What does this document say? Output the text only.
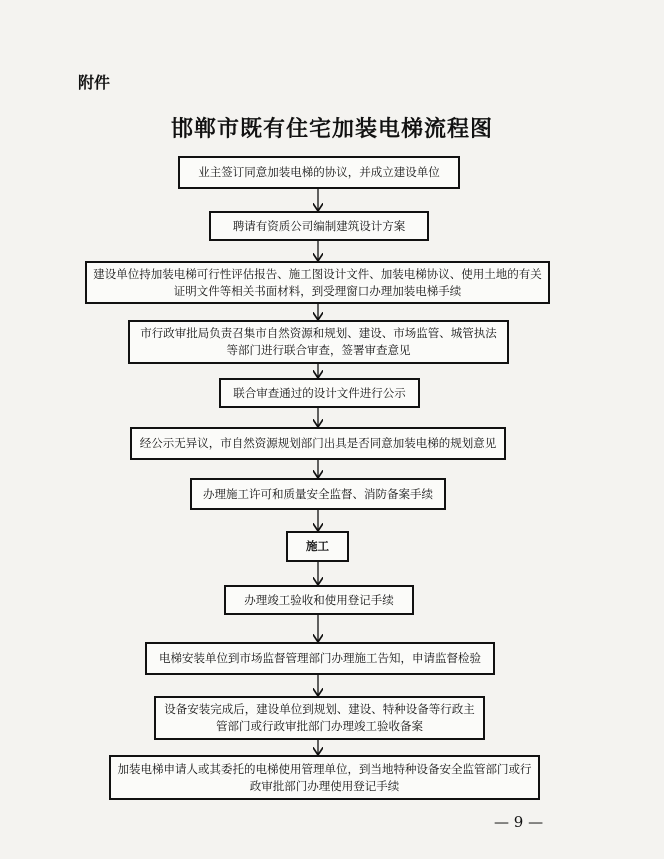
附件
邯郸市既有住宅加装电梯流程图
业主签订同意加装电梯的协议，并成立建设单位
聘请有资质公司编制建筑设计方案
建设单位持加装电梯可行性评估报告、施工图设计文件、加装电梯协议、使用土地的有关证明文件等相关书面材料，到受理窗口办理加装电梯手续
市行政审批局负责召集市自然资源和规划、建设、市场监管、城管执法等部门进行联合审查，签署审查意见
联合审查通过的设计文件进行公示
经公示无异议，市自然资源规划部门出具是否同意加装电梯的规划意见
办理施工许可和质量安全监督、消防备案手续
施工
办理竣工验收和使用登记手续
电梯安装单位到市场监督管理部门办理施工告知，申请监督检验
设备安装完成后，建设单位到规划、建设、特种设备等行政主管部门或行政审批部门办理竣工验收备案
加装电梯申请人或其委托的电梯使用管理单位，到当地特种设备安全监管部门或行政审批部门办理使用登记手续
— 9 —
